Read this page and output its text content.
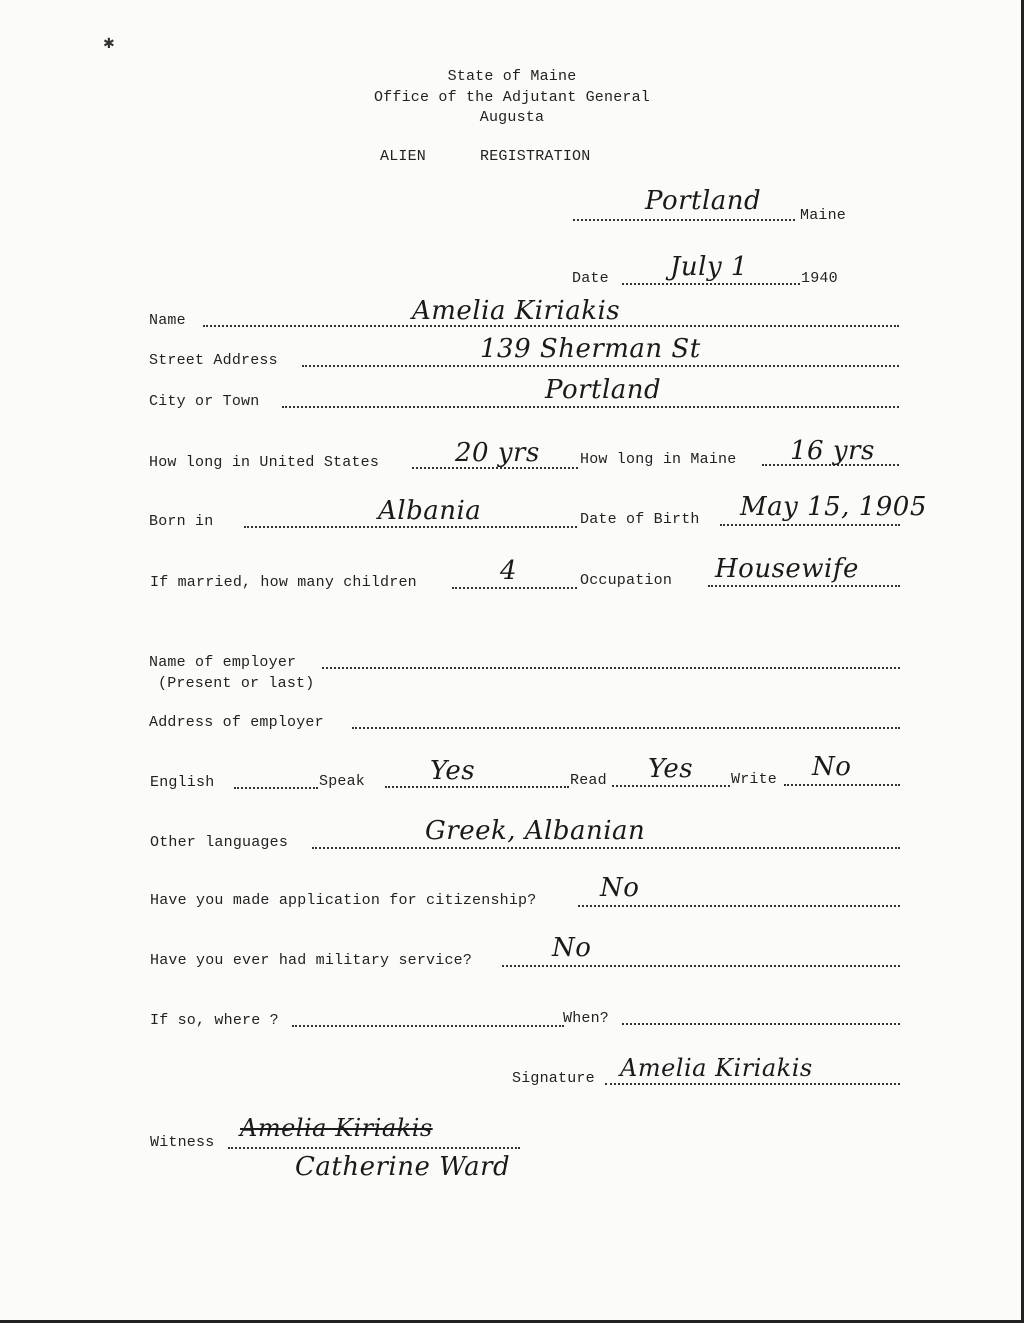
✱
State of Maine
Office of the Adjutant General
Augusta
ALIEN	REGISTRATION
Portland	Maine
Date July 1	1940
Name	Amelia Kiriakis
Street Address	139 Sherman St
City or Town	Portland
How long in United States	20 yrs	How long in Maine 16 yrs
Born in	Albania	Date of Birth May 15, 1905
If married, how many children	4	Occupation Housewife
Name of employer
(Present or last)
Address of employer
English	Speak Yes	Read Yes	Write No
Other languages	Greek, Albanian
Have you made application for citizenship? No
Have you ever had military service?	No
If so, where ?	When?
Signature Amelia Kiriakis
Witness
Amelia Kiriakis
Catherine Ward
